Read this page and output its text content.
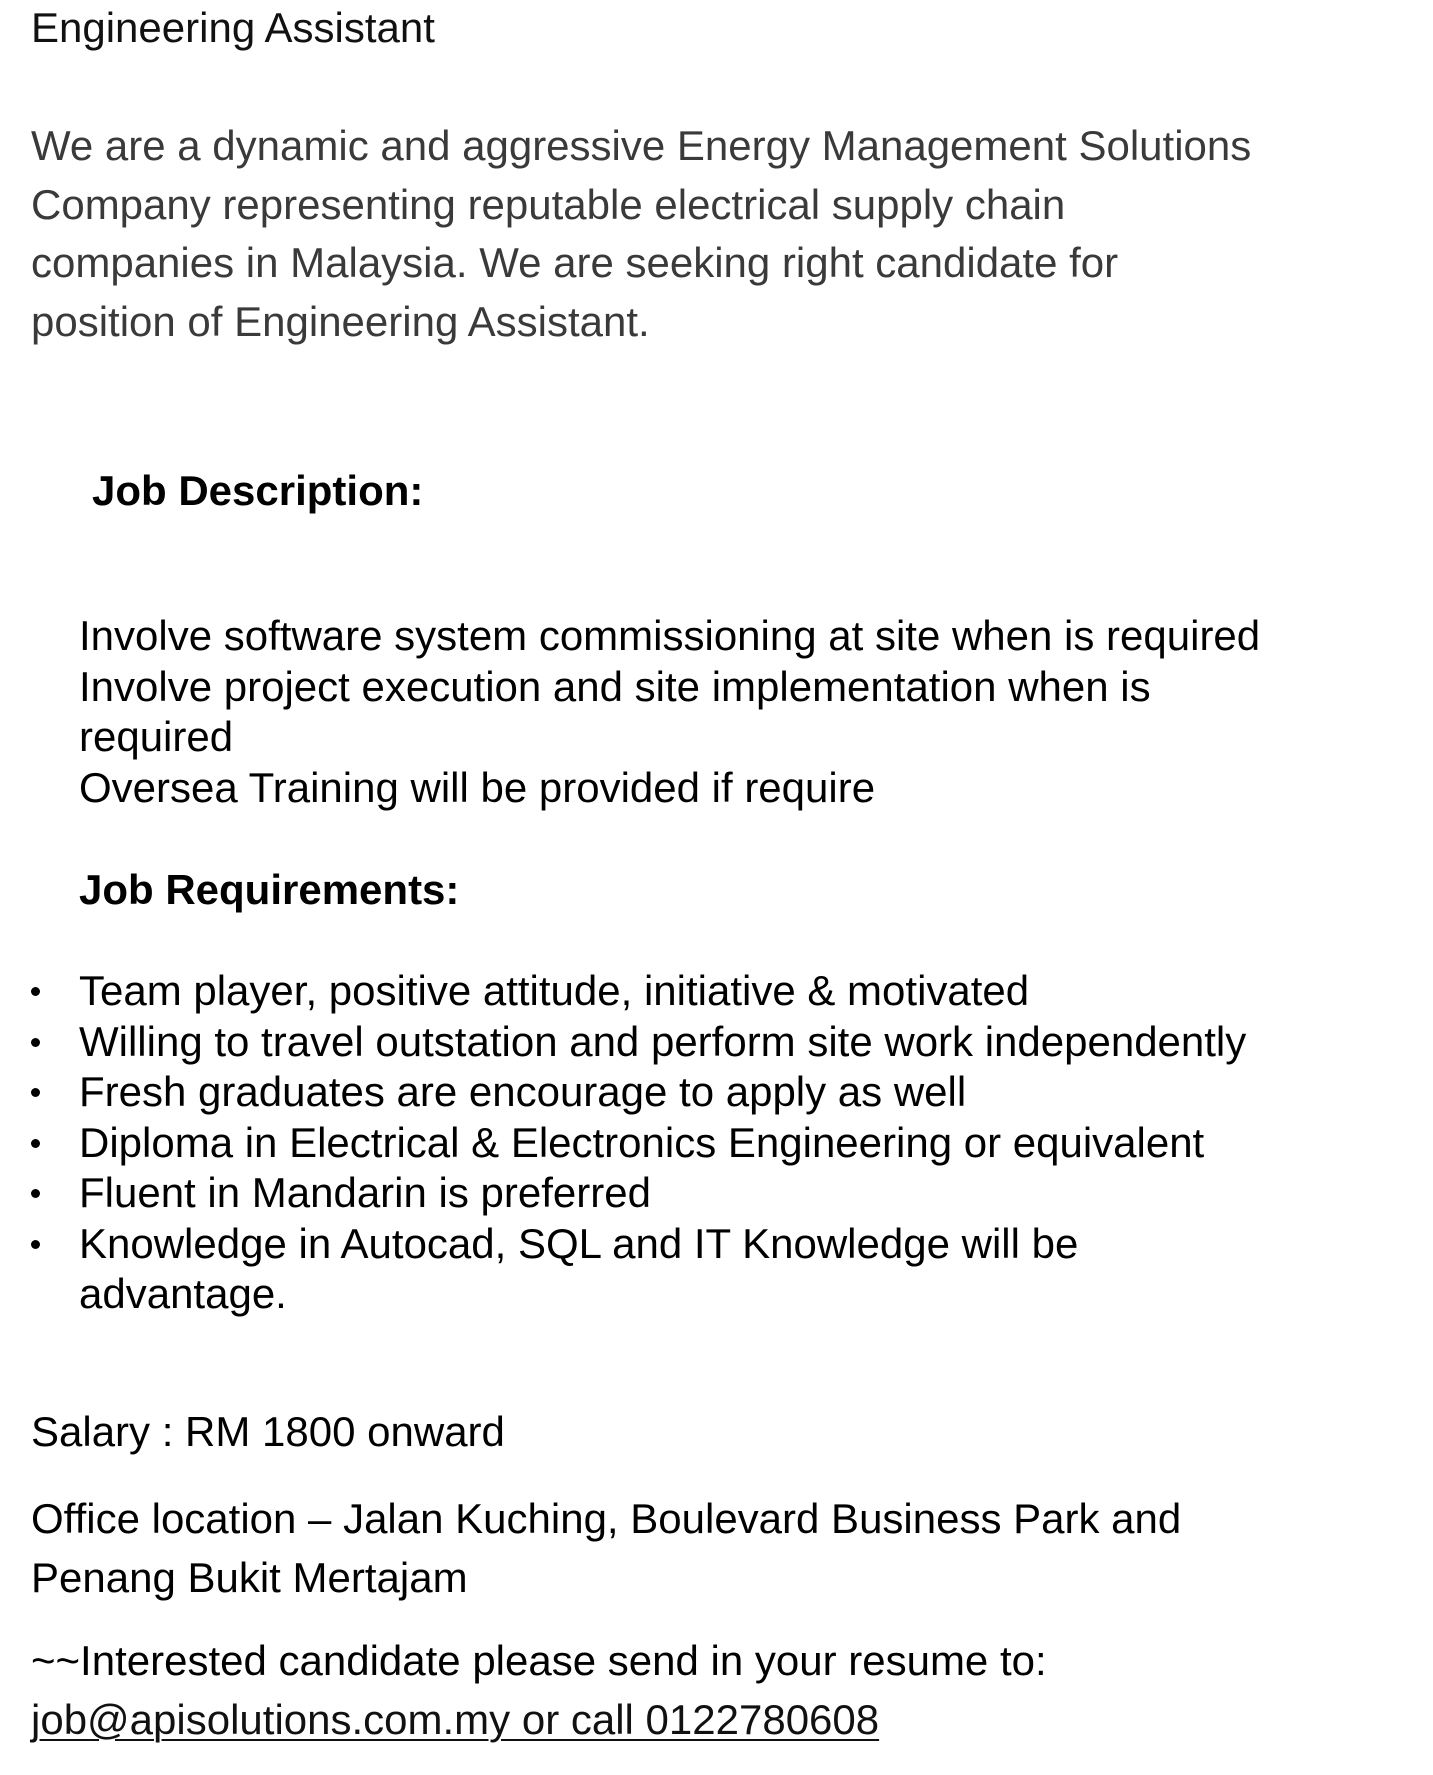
Engineering Assistant
We are a dynamic and aggressive Energy Management Solutions
Company representing reputable electrical supply chain
companies in Malaysia. We are seeking right candidate for
position of Engineering Assistant.
Job Description:
Involve software system commissioning at site when is required
Involve project execution and site implementation when is
required
Oversea Training will be provided if require
Job Requirements:
Team player, positive attitude, initiative & motivated
Willing to travel outstation and perform site work independently
Fresh graduates are encourage to apply as well
Diploma in Electrical & Electronics Engineering or equivalent
Fluent in Mandarin is preferred
Knowledge in Autocad, SQL and IT Knowledge will be
advantage.
Salary : RM 1800 onward
Office location – Jalan Kuching, Boulevard Business Park and
Penang Bukit Mertajam
~~Interested candidate please send in your resume to:
job@apisolutions.com.my or call 0122780608
